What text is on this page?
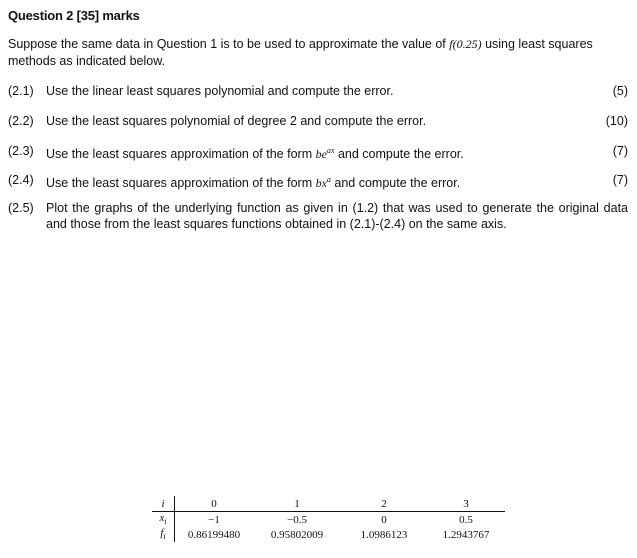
Question 2 [35] marks
Suppose the same data in Question 1 is to be used to approximate the value of f(0.25) using least squares methods as indicated below.
(2.1) Use the linear least squares polynomial and compute the error.	(5)
(2.2) Use the least squares polynomial of degree 2 and compute the error.	(10)
(2.3) Use the least squares approximation of the form $be^{ax}$ and compute the error.	(7)
(2.4) Use the least squares approximation of the form $bx^a$ and compute the error.	(7)
(2.5) Plot the graphs of the underlying function as given in (1.2) that was used to generate the original data and those from the least squares functions obtained in (2.1)-(2.4) on the same axis.
i	0	1	2	3
$x_i$	−1	−0.5	0	0.5
$f_i$	0.86199480	0.95802009	1.0986123	1.2943767
